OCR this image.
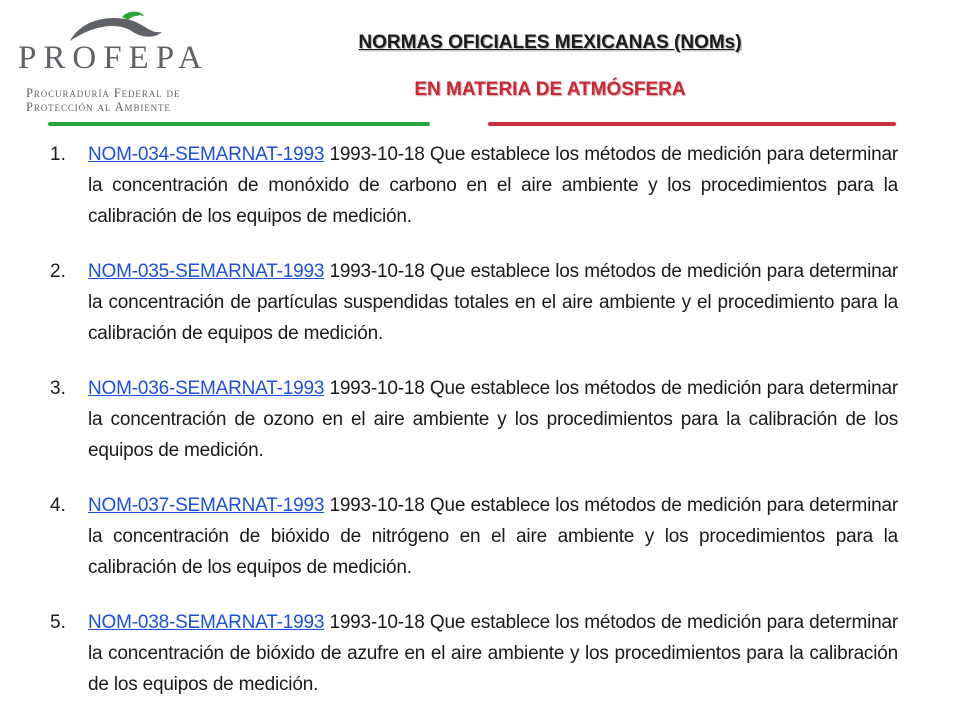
PROFEPA
Procuraduría Federal de
Protección al Ambiente
NORMAS OFICIALES MEXICANAS (NOMs)
EN MATERIA DE ATMÓSFERA
1. NOM-034-SEMARNAT-1993 1993-10-18 Que establece los métodos de medición para determinar la concentración de monóxido de carbono en el aire ambiente y los procedimientos para la calibración de los equipos de medición.
2. NOM-035-SEMARNAT-1993 1993-10-18 Que establece los métodos de medición para determinar la concentración de partículas suspendidas totales en el aire ambiente y el procedimiento para la calibración de equipos de medición.
3. NOM-036-SEMARNAT-1993 1993-10-18 Que establece los métodos de medición para determinar la concentración de ozono en el aire ambiente y los procedimientos para la calibración de los equipos de medición.
4. NOM-037-SEMARNAT-1993 1993-10-18 Que establece los métodos de medición para determinar la concentración de bióxido de nitrógeno en el aire ambiente y los procedimientos para la calibración de los equipos de medición.
5. NOM-038-SEMARNAT-1993 1993-10-18 Que establece los métodos de medición para determinar la concentración de bióxido de azufre en el aire ambiente y los procedimientos para la calibración de los equipos de medición.
